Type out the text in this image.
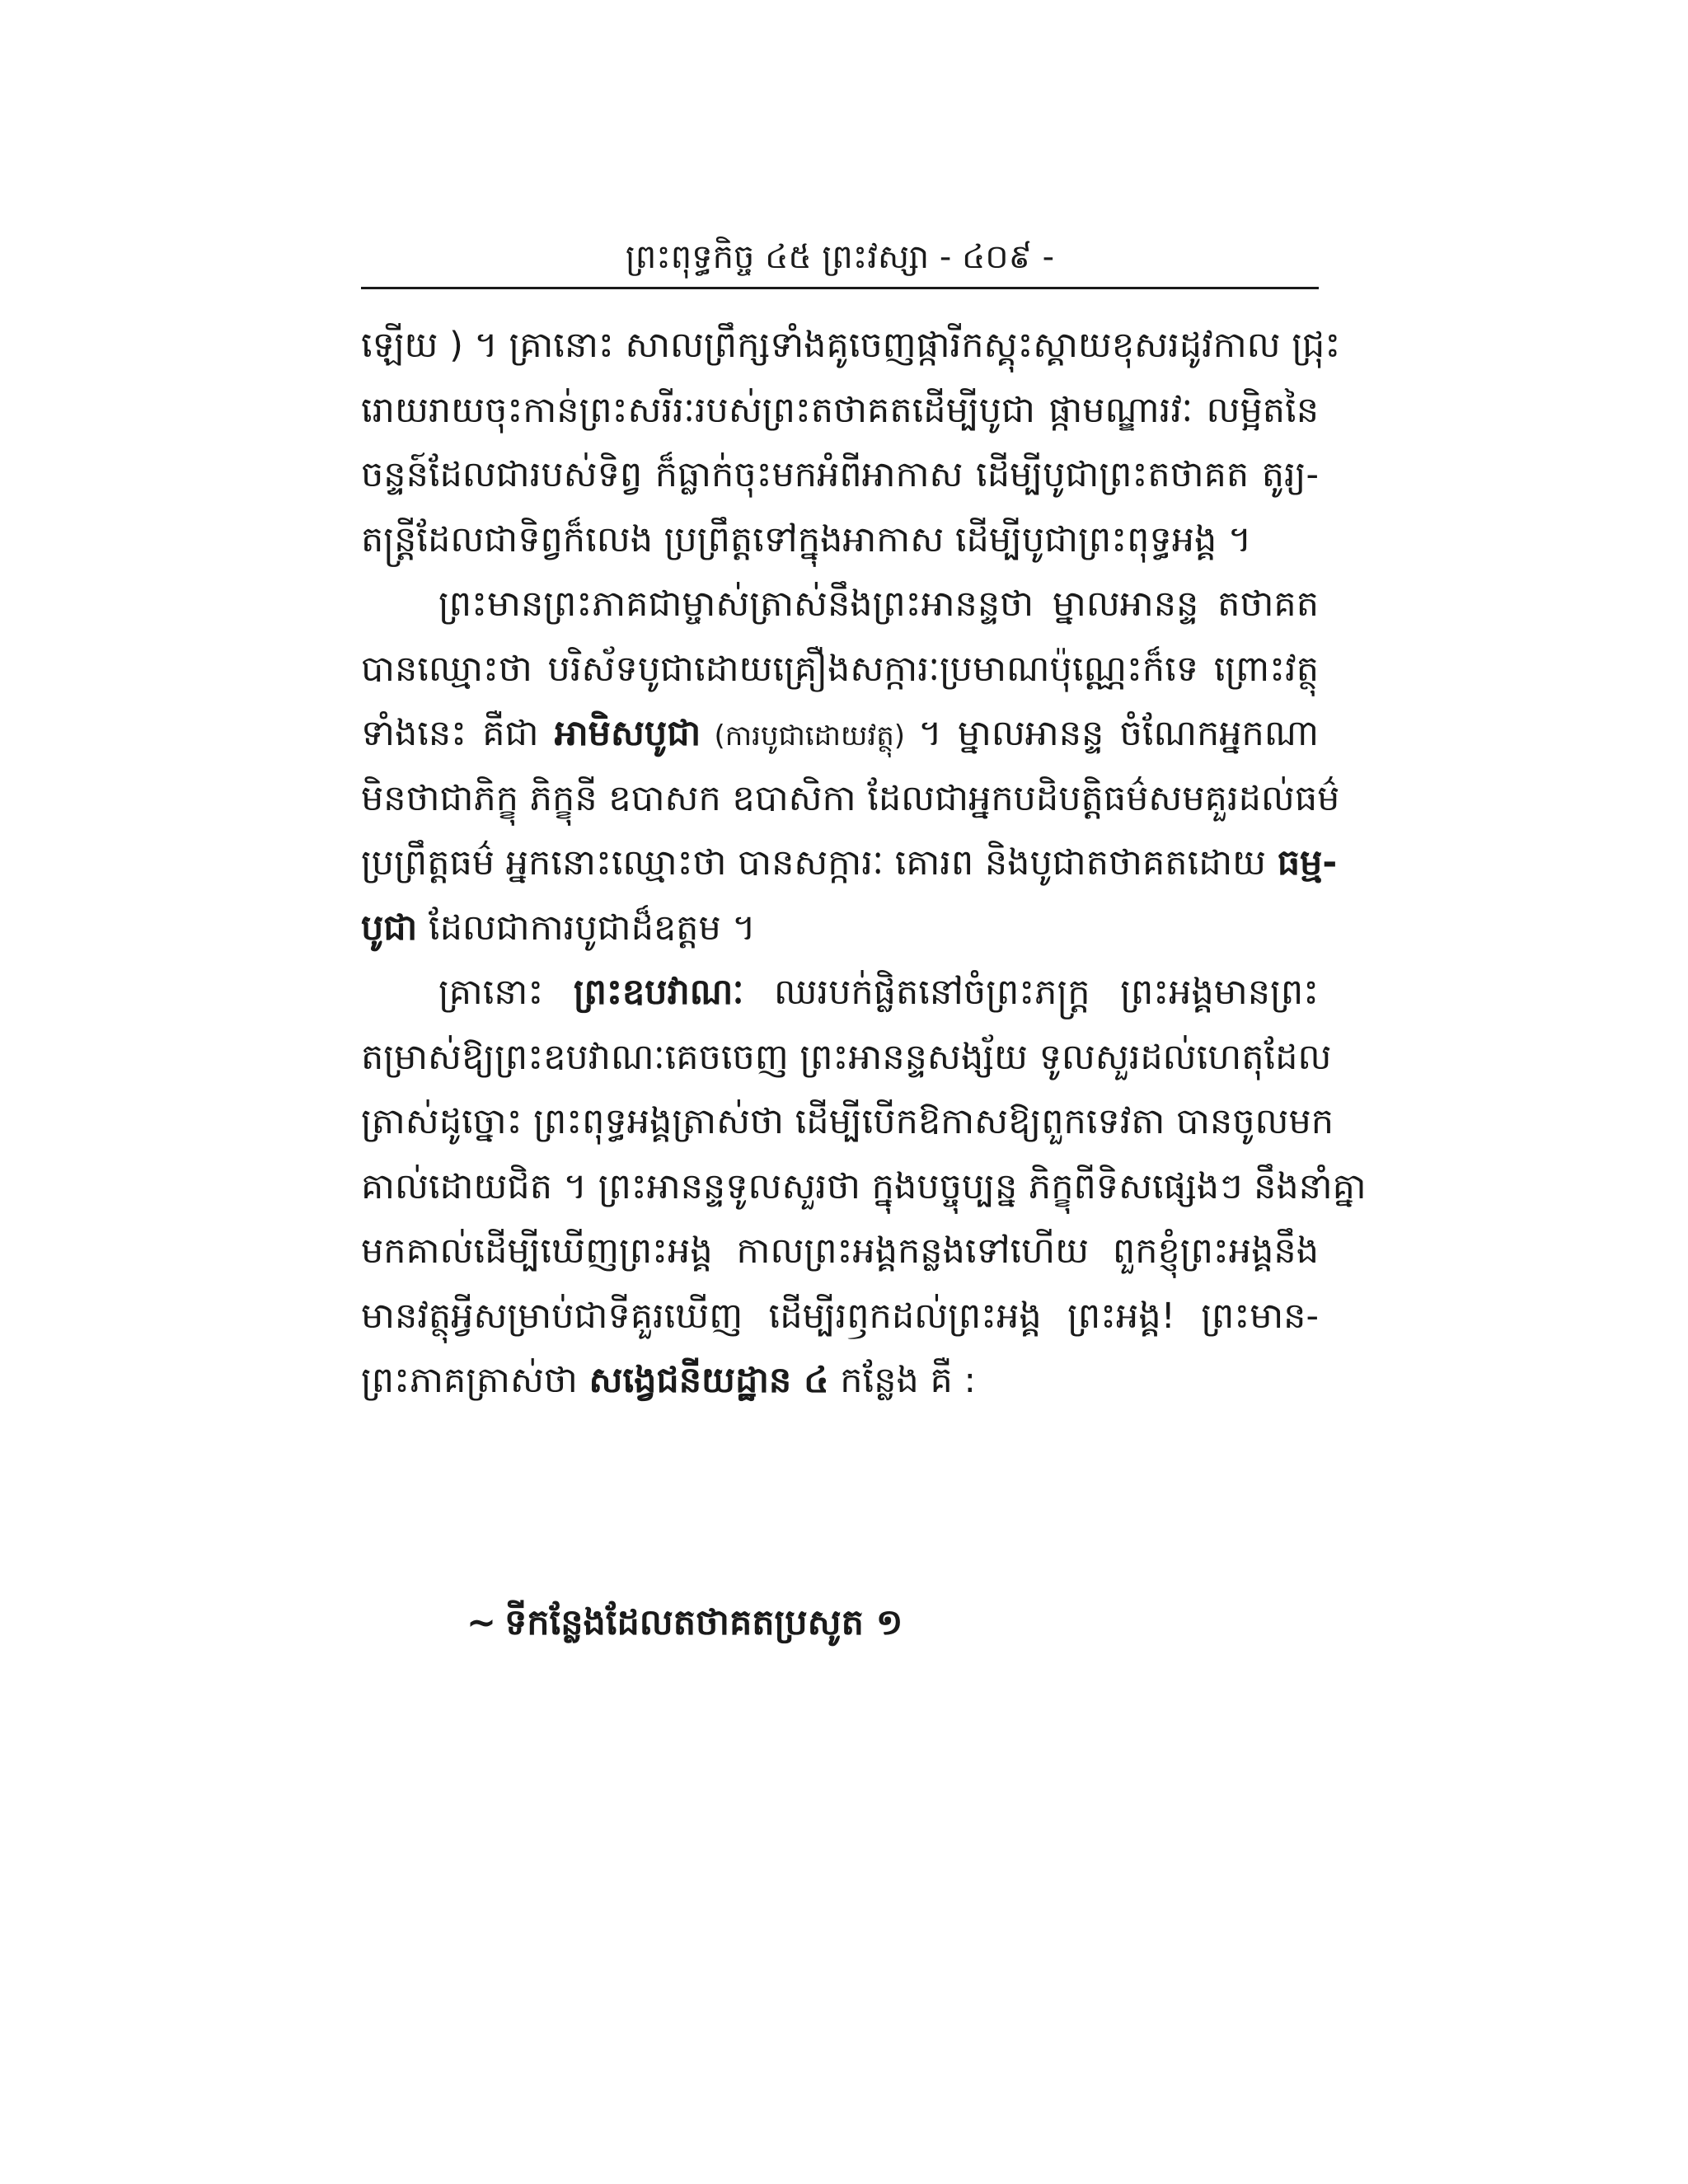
ព្រះពុទ្ធកិច្ច ៤៥ ព្រះវស្សា - ៤០៩ -
ឡើយ ) ។ គ្រានោះ សាលព្រឹក្សទាំងគូចេញផ្ការីកស្គុះស្គាយខុសរដូវកាល ជ្រុះ
រោយរាយចុះកាន់ព្រះសរីរៈរបស់ព្រះតថាគតដើម្បីបូជា ផ្កាមណ្ឌារវៈ លម្អិតនៃ
ចន្ទន៍ដែលជារបស់ទិព្វ ក៏ធ្លាក់ចុះមកអំពីអាកាស ដើម្បីបូជាព្រះតថាគត តូរ្យ-
តន្ត្រីដែលជាទិព្វក៏លេង ប្រព្រឹត្តទៅក្នុងអាកាស ដើម្បីបូជាព្រះពុទ្ធអង្គ ។
ព្រះមានព្រះភាគជាម្ចាស់ត្រាស់នឹងព្រះអានន្ទថា ម្នាលអានន្ទ តថាគត
បានឈ្មោះថា បរិស័ទបូជាដោយគ្រឿងសក្ការៈប្រមាណប៉ុណ្ណេះក៏ទេ ព្រោះវត្ថុ
ទាំងនេះ គឺជា អាមិសបូជា (ការបូជាដោយវត្ថុ) ។ ម្នាលអានន្ទ ចំណែកអ្នកណា
មិនថាជាភិក្ខុ ភិក្ខុនី ឧបាសក ឧបាសិកា ដែលជាអ្នកបដិបត្តិធម៌សមគួរដល់ធម៌
ប្រព្រឹត្តធម៌ អ្នកនោះឈ្មោះថា បានសក្ការៈ គោរព និងបូជាតថាគតដោយ ធម្ម-
បូជា ដែលជាការបូជាដ៏ឧត្តម ។
គ្រានោះ ព្រះឧបវាណៈ ឈរបក់ផ្លិតនៅចំព្រះភក្ត្រ ព្រះអង្គមានព្រះ
តម្រាស់ឱ្យព្រះឧបវាណៈគេចចេញ ព្រះអានន្ទសង្ស័យ ទូលសួរដល់ហេតុដែល
ត្រាស់ដូច្នោះ ព្រះពុទ្ធអង្គត្រាស់ថា ដើម្បីបើកឱកាសឱ្យពួកទេវតា បានចូលមក
គាល់ដោយជិត ។ ព្រះអានន្ទទូលសួរថា ក្នុងបច្ចុប្បន្ន ភិក្ខុពីទិសផ្សេងៗ នឹងនាំគ្នា
មកគាល់ដើម្បីឃើញព្រះអង្គ កាលព្រះអង្គកន្លងទៅហើយ ពួកខ្ញុំព្រះអង្គនឹង
មានវត្ថុអ្វីសម្រាប់ជាទីគួរឃើញ ដើម្បីរឭកដល់ព្រះអង្គ ព្រះអង្គ! ព្រះមាន-
ព្រះភាគត្រាស់ថា សង្វេជនីយដ្ឋាន ៤ កន្លែង គឺ :
~ ទីកន្លែងដែលតថាគតប្រសូត ១
